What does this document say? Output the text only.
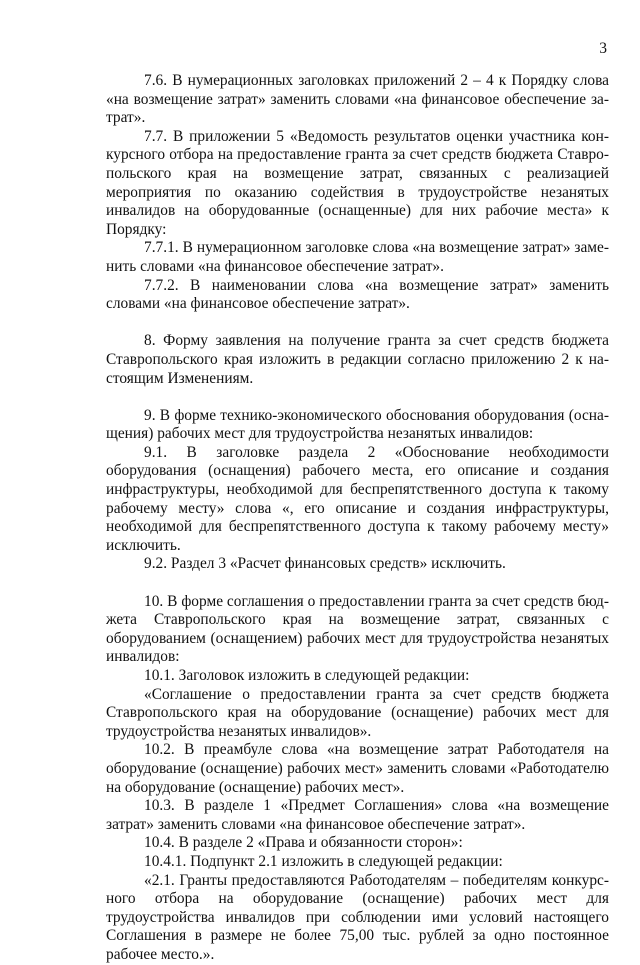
3

7.6. В нумерационных заголовках приложений 2 – 4 к Порядку слова «на возмещение затрат» заменить словами «на финансовое обеспечение затрат».

7.7. В приложении 5 «Ведомость результатов оценки участника конкурсного отбора на предоставление гранта за счет средств бюджета Ставропольского края на возмещение затрат, связанных с реализацией мероприятия по оказанию содействия в трудоустройстве незанятых инвалидов на оборудованные (оснащенные) для них рабочие места» к Порядку:

7.7.1. В нумерационном заголовке слова «на возмещение затрат» заменить словами «на финансовое обеспечение затрат».

7.7.2. В наименовании слова «на возмещение затрат» заменить словами «на финансовое обеспечение затрат».

8. Форму заявления на получение гранта за счет средств бюджета Ставропольского края изложить в редакции согласно приложению 2 к настоящим Изменениям.

9. В форме технико-экономического обоснования оборудования (оснащения) рабочих мест для трудоустройства незанятых инвалидов:

9.1. В заголовке раздела 2 «Обоснование необходимости оборудования (оснащения) рабочего места, его описание и создания инфраструктуры, необходимой для беспрепятственного доступа к такому рабочему месту» слова «, его описание и создания инфраструктуры, необходимой для беспрепятственного доступа к такому рабочему месту» исключить.

9.2. Раздел 3 «Расчет финансовых средств» исключить.

10. В форме соглашения о предоставлении гранта за счет средств бюджета Ставропольского края на возмещение затрат, связанных с оборудованием (оснащением) рабочих мест для трудоустройства незанятых инвалидов:

10.1. Заголовок изложить в следующей редакции:

«Соглашение о предоставлении гранта за счет средств бюджета Ставропольского края на оборудование (оснащение) рабочих мест для трудоустройства незанятых инвалидов».

10.2. В преамбуле слова «на возмещение затрат Работодателя на оборудование (оснащение) рабочих мест» заменить словами «Работодателю на оборудование (оснащение) рабочих мест».

10.3. В разделе 1 «Предмет Соглашения» слова «на возмещение затрат» заменить словами «на финансовое обеспечение затрат».

10.4. В разделе 2 «Права и обязанности сторон»:

10.4.1. Подпункт 2.1 изложить в следующей редакции:

«2.1. Гранты предоставляются Работодателям – победителям конкурсного отбора на оборудование (оснащение) рабочих мест для трудоустройства инвалидов при соблюдении ими условий настоящего Соглашения в размере не более 75,00 тыс. рублей за одно постоянное рабочее место.».
